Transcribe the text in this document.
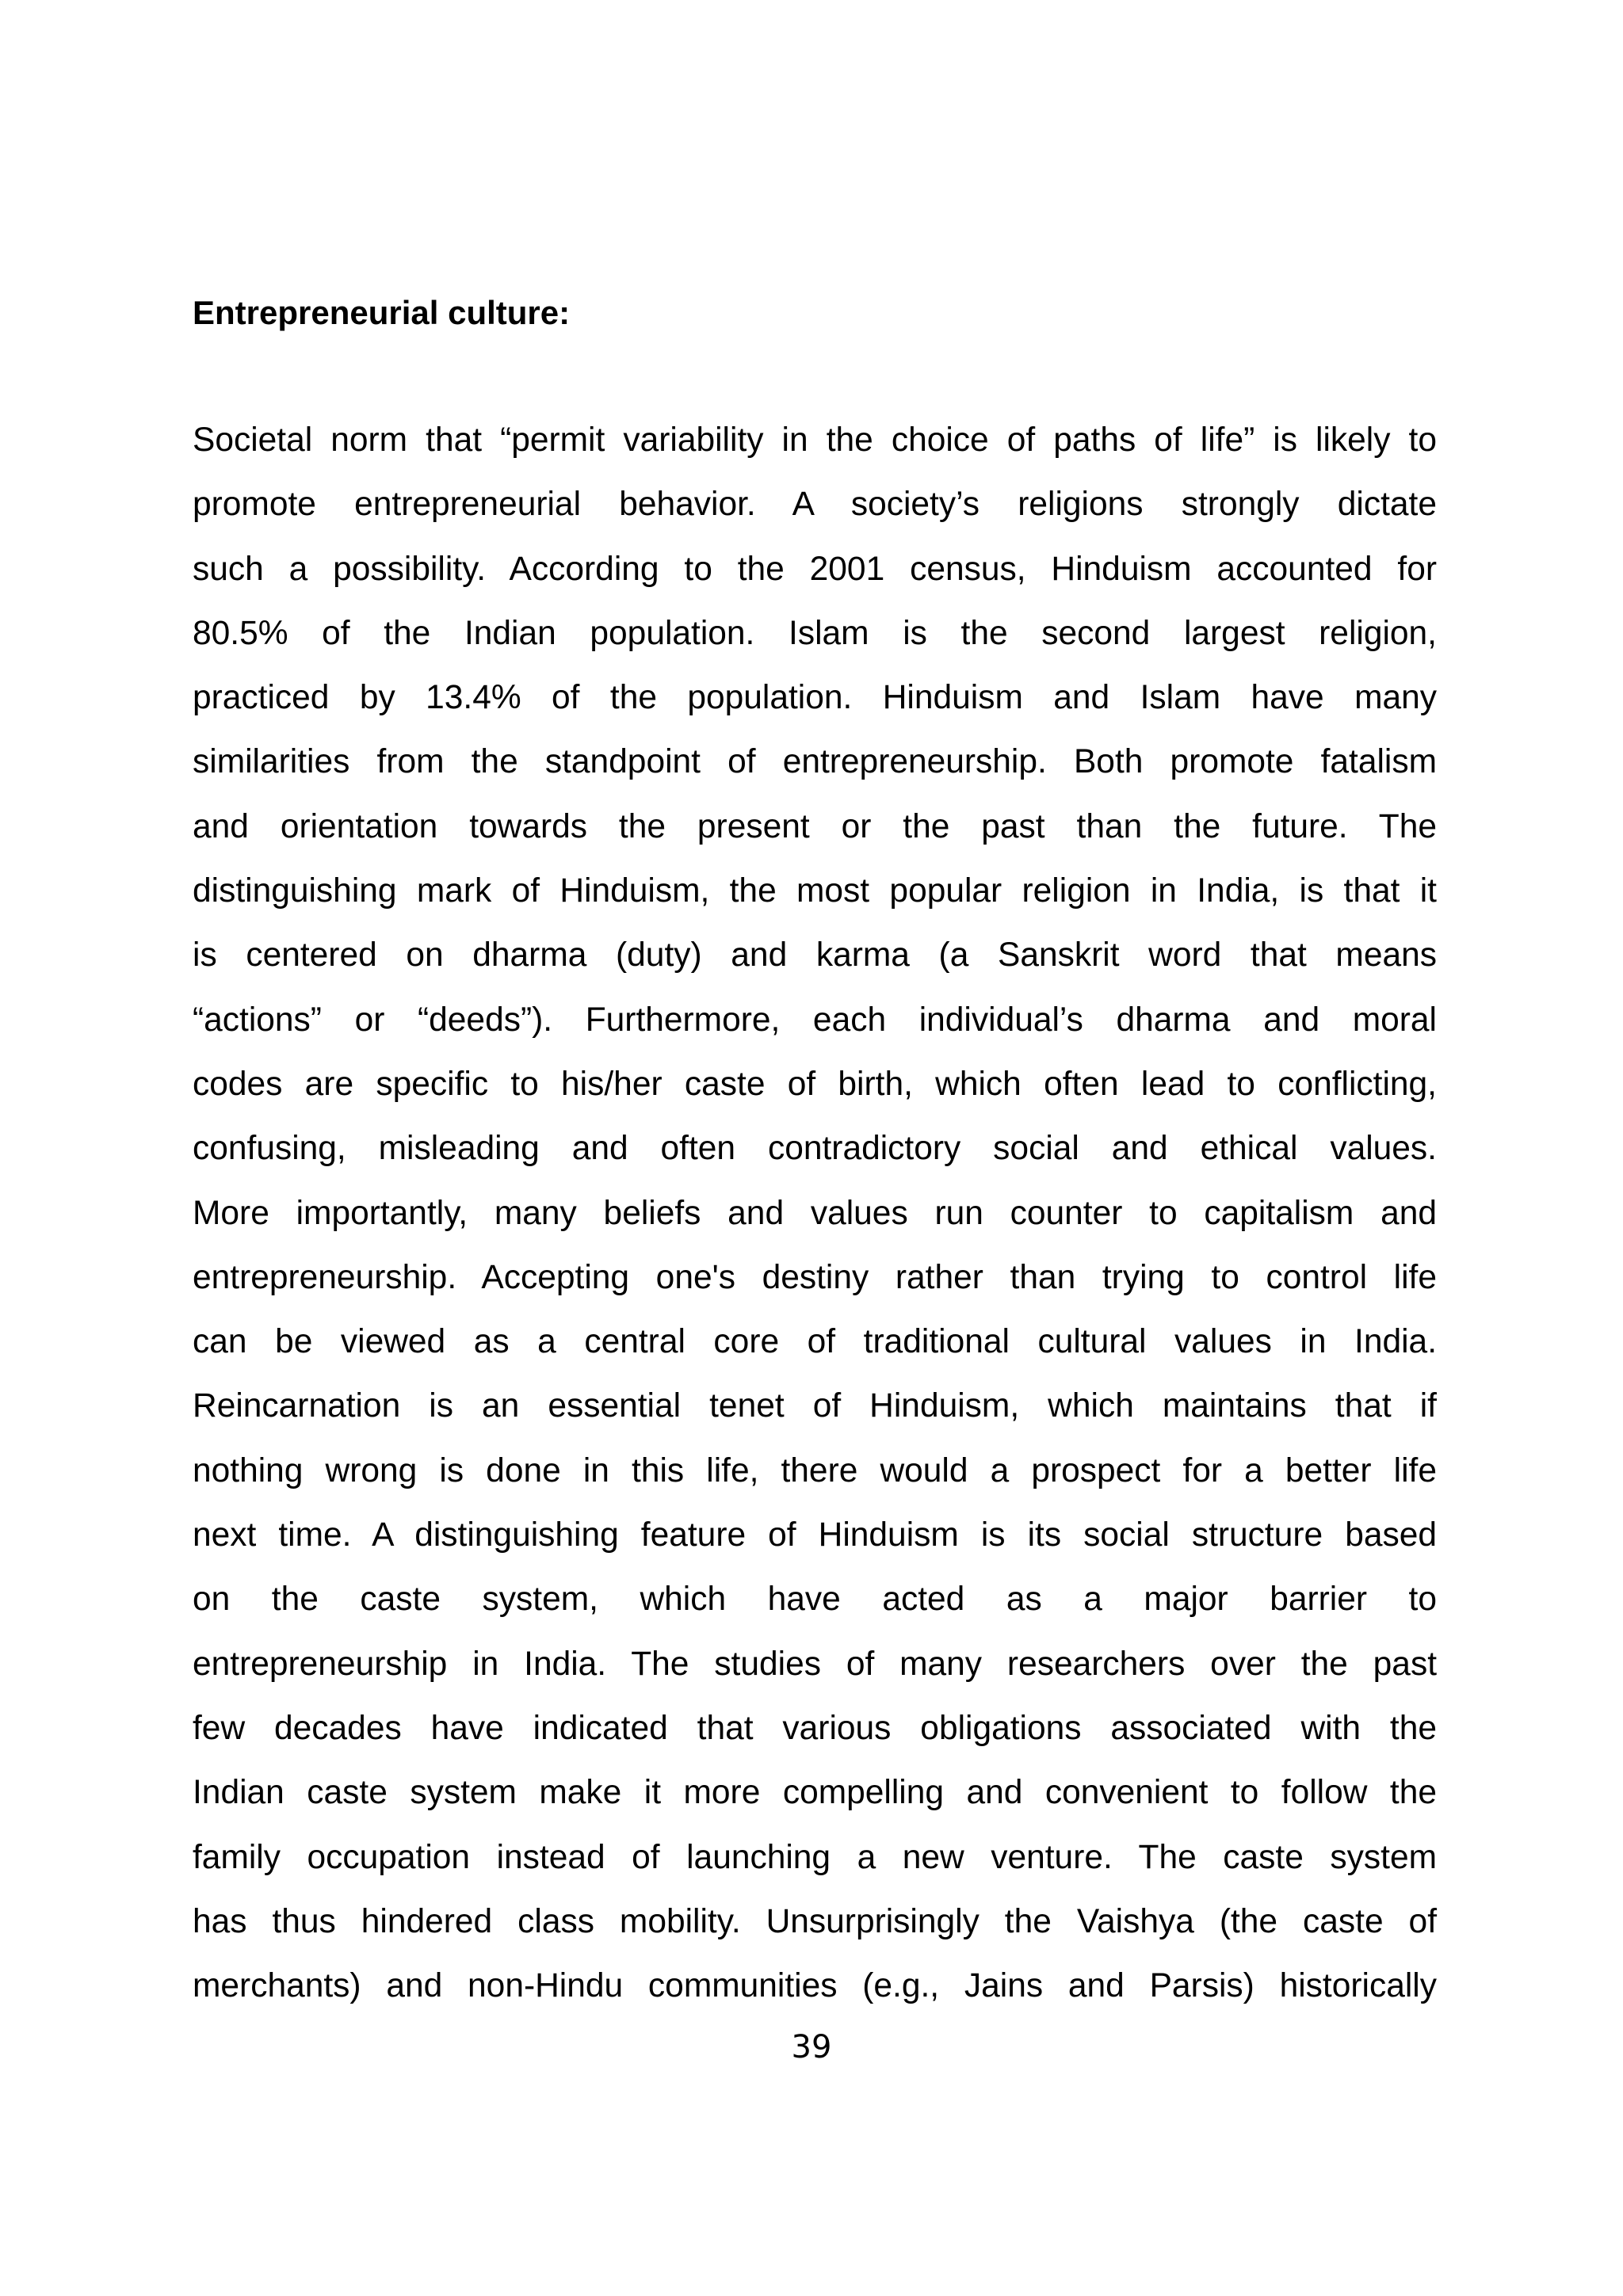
Entrepreneurial culture:
Societal norm that “permit variability in the choice of paths of life” is likely to
promote entrepreneurial behavior. A society’s religions strongly dictate
such a possibility. According to the 2001 census, Hinduism accounted for
80.5% of the Indian population. Islam is the second largest religion,
practiced by 13.4% of the population. Hinduism and Islam have many
similarities from the standpoint of entrepreneurship. Both promote fatalism
and orientation towards the present or the past than the future. The
distinguishing mark of Hinduism, the most popular religion in India, is that it
is centered on dharma (duty) and karma (a Sanskrit word that means
“actions” or “deeds”). Furthermore, each individual’s dharma and moral
codes are specific to his/her caste of birth, which often lead to conflicting,
confusing, misleading and often contradictory social and ethical values.
More importantly, many beliefs and values run counter to capitalism and
entrepreneurship. Accepting one's destiny rather than trying to control life
can be viewed as a central core of traditional cultural values in India.
Reincarnation is an essential tenet of Hinduism, which maintains that if
nothing wrong is done in this life, there would a prospect for a better life
next time. A distinguishing feature of Hinduism is its social structure based
on the caste system, which have acted as a major barrier to
entrepreneurship in India. The studies of many researchers over the past
few decades have indicated that various obligations associated with the
Indian caste system make it more compelling and convenient to follow the
family occupation instead of launching a new venture. The caste system
has thus hindered class mobility. Unsurprisingly the Vaishya (the caste of
merchants) and non-Hindu communities (e.g., Jains and Parsis) historically

39
